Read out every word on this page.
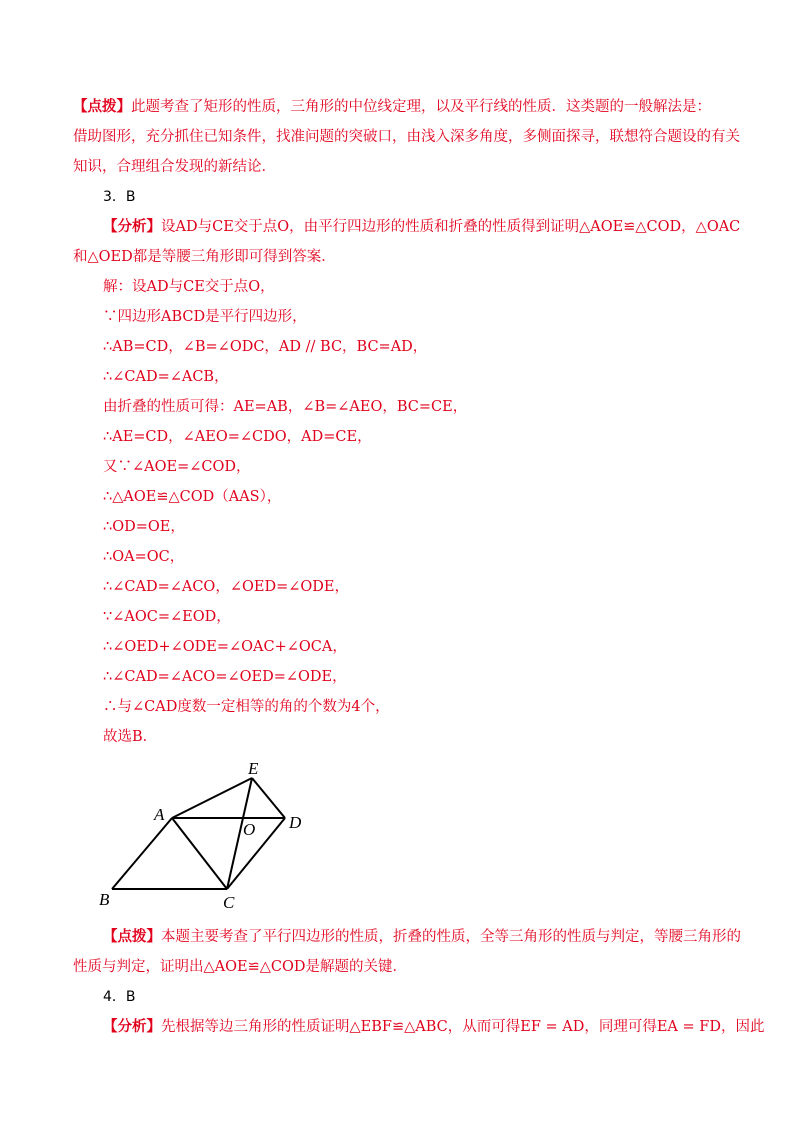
【点拨】此题考查了矩形的性质，三角形的中位线定理，以及平行线的性质．这类题的一般解法是：
借助图形，充分抓住已知条件，找准问题的突破口，由浅入深多角度，多侧面探寻，联想符合题设的有关
知识，合理组合发现的新结论．
3．B
【分析】设AD与CE交于点O，由平行四边形的性质和折叠的性质得到证明△AOE≌△COD，△OAC
和△OED都是等腰三角形即可得到答案．
解：设AD与CE交于点O，
∵四边形ABCD是平行四边形，
∴AB=CD，∠B=∠ODC，AD // BC，BC=AD，
∴∠CAD=∠ACB，
由折叠的性质可得：AE=AB，∠B=∠AEO，BC=CE，
∴AE=CD，∠AEO=∠CDO，AD=CE，
又∵∠AOE=∠COD，
∴△AOE≌△COD（AAS），
∴OD=OE，
∴OA=OC，
∴∠CAD=∠ACO，∠OED=∠ODE，
∵∠AOC=∠EOD，
∴∠OED+∠ODE=∠OAC+∠OCA，
∴∠CAD=∠ACO=∠OED=∠ODE，
∴与∠CAD度数一定相等的角的个数为4个，
故选B．
E
A
O D
B	C
【点拨】本题主要考查了平行四边形的性质，折叠的性质，全等三角形的性质与判定，等腰三角形的
性质与判定，证明出△AOE≌△COD是解题的关键．
4．B
【分析】先根据等边三角形的性质证明△EBF≌△ABC，从而可得EF = AD，同理可得EA = FD，因此
